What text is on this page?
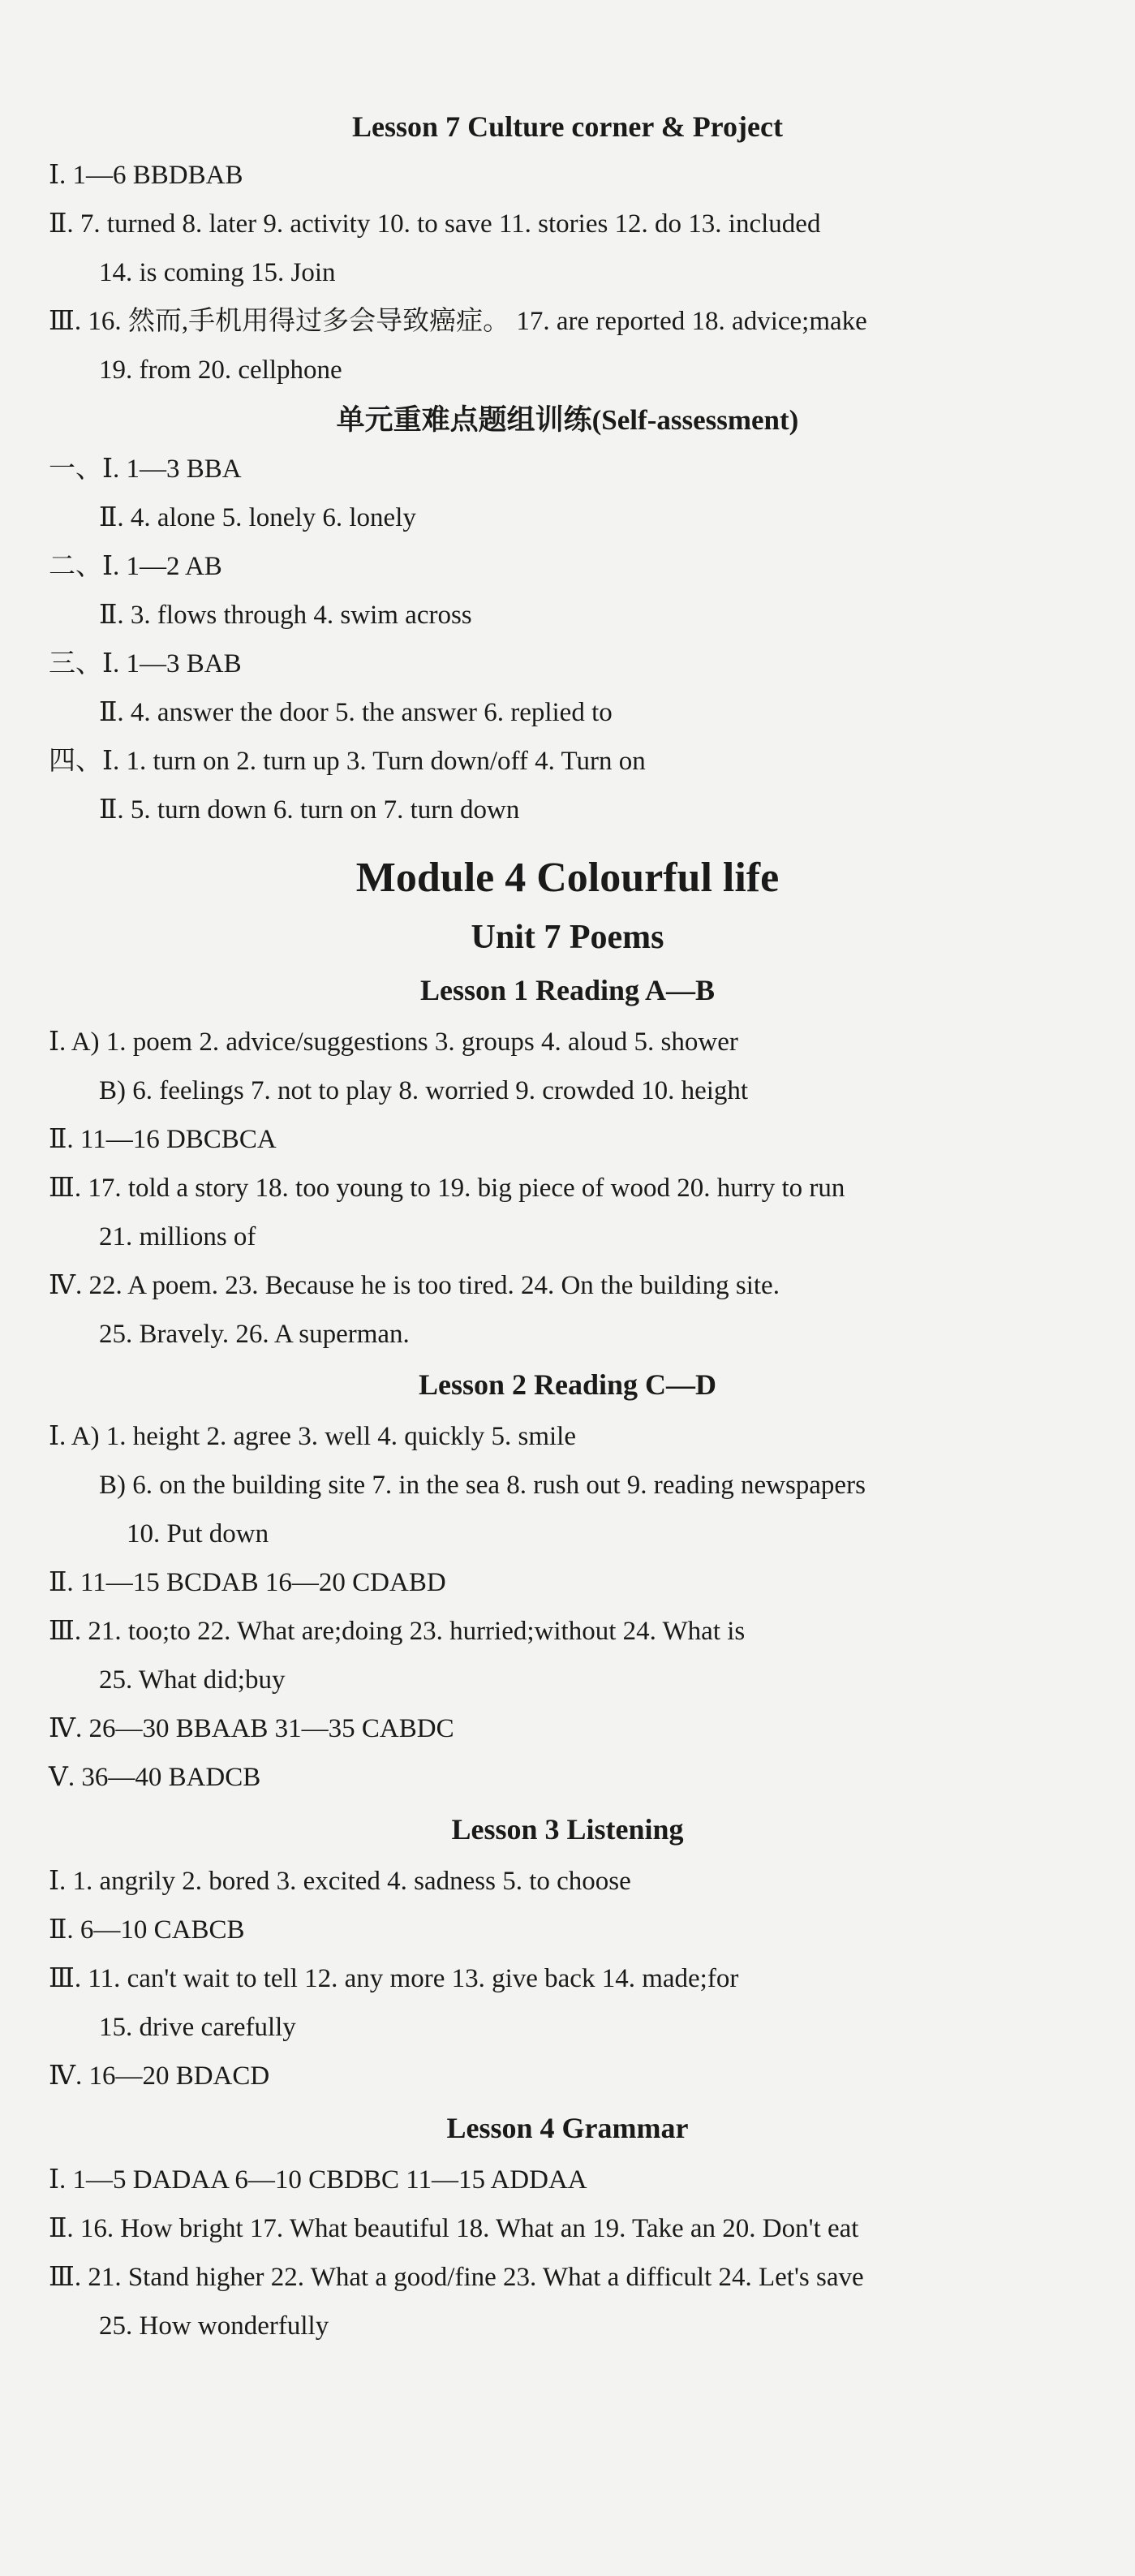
Lesson 7 Culture corner & Project
Ⅰ. 1—6 BBDBAB
Ⅱ. 7. turned 8. later 9. activity 10. to save 11. stories 12. do 13. included
14. is coming 15. Join
Ⅲ. 16. 然而,手机用得过多会导致癌症。 17. are reported 18. advice;make
19. from 20. cellphone
单元重难点题组训练(Self-assessment)
一、Ⅰ. 1—3 BBA
Ⅱ. 4. alone 5. lonely 6. lonely
二、Ⅰ. 1—2 AB
Ⅱ. 3. flows through 4. swim across
三、Ⅰ. 1—3 BAB
Ⅱ. 4. answer the door 5. the answer 6. replied to
四、Ⅰ. 1. turn on 2. turn up 3. Turn down/off 4. Turn on
Ⅱ. 5. turn down 6. turn on 7. turn down
Module 4 Colourful life
Unit 7 Poems
Lesson 1 Reading A—B
Ⅰ. A) 1. poem 2. advice/suggestions 3. groups 4. aloud 5. shower
B) 6. feelings 7. not to play 8. worried 9. crowded 10. height
Ⅱ. 11—16 DBCBCA
Ⅲ. 17. told a story 18. too young to 19. big piece of wood 20. hurry to run
21. millions of
Ⅳ. 22. A poem. 23. Because he is too tired. 24. On the building site.
25. Bravely. 26. A superman.
Lesson 2 Reading C—D
Ⅰ. A) 1. height 2. agree 3. well 4. quickly 5. smile
B) 6. on the building site 7. in the sea 8. rush out 9. reading newspapers
10. Put down
Ⅱ. 11—15 BCDAB 16—20 CDABD
Ⅲ. 21. too;to 22. What are;doing 23. hurried;without 24. What is
25. What did;buy
Ⅳ. 26—30 BBAAB 31—35 CABDC
Ⅴ. 36—40 BADCB
Lesson 3 Listening
Ⅰ. 1. angrily 2. bored 3. excited 4. sadness 5. to choose
Ⅱ. 6—10 CABCB
Ⅲ. 11. can't wait to tell 12. any more 13. give back 14. made;for
15. drive carefully
Ⅳ. 16—20 BDACD
Lesson 4 Grammar
Ⅰ. 1—5 DADAA 6—10 CBDBC 11—15 ADDAA
Ⅱ. 16. How bright 17. What beautiful 18. What an 19. Take an 20. Don't eat
Ⅲ. 21. Stand higher 22. What a good/fine 23. What a difficult 24. Let's save
25. How wonderfully
